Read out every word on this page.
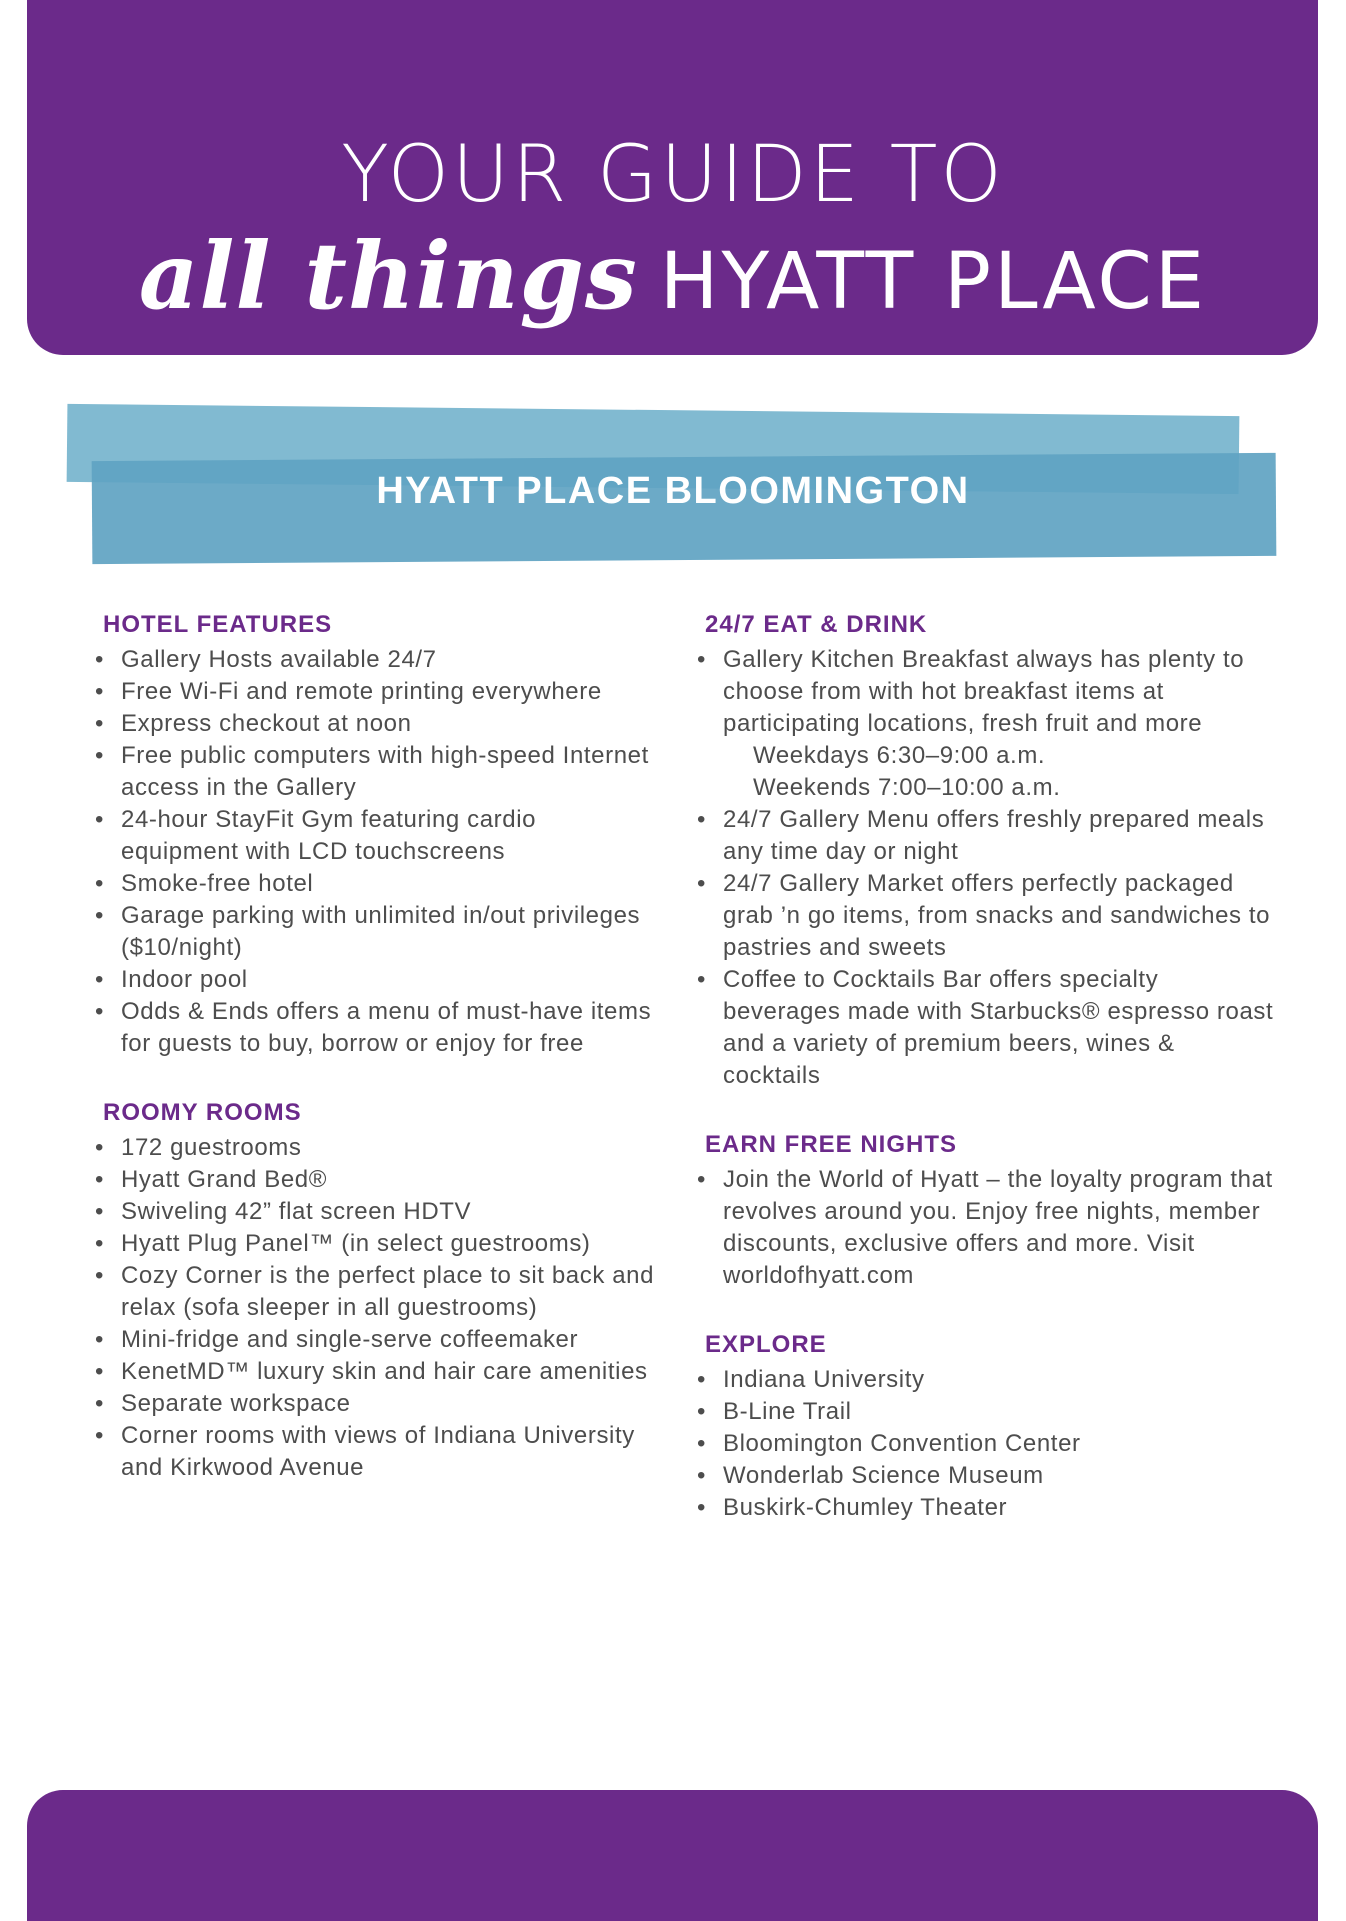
YOUR GUIDE TO
all things HYATT PLACE
HYATT PLACE BLOOMINGTON
HOTEL FEATURES
• Gallery Hosts available 24/7
• Free Wi-Fi and remote printing everywhere
• Express checkout at noon
• Free public computers with high-speed Internet access in the Gallery
• 24-hour StayFit Gym featuring cardio equipment with LCD touchscreens
• Smoke-free hotel
• Garage parking with unlimited in/out privileges ($10/night)
• Indoor pool
• Odds & Ends offers a menu of must-have items for guests to buy, borrow or enjoy for free
ROOMY ROOMS
• 172 guestrooms
• Hyatt Grand Bed®
• Swiveling 42” flat screen HDTV
• Hyatt Plug Panel™ (in select guestrooms)
• Cozy Corner is the perfect place to sit back and relax (sofa sleeper in all guestrooms)
• Mini-fridge and single-serve coffeemaker
• KenetMD™ luxury skin and hair care amenities
• Separate workspace
• Corner rooms with views of Indiana University and Kirkwood Avenue
24/7 EAT & DRINK
• Gallery Kitchen Breakfast always has plenty to choose from with hot breakfast items at participating locations, fresh fruit and more
Weekdays 6:30–9:00 a.m.
Weekends 7:00–10:00 a.m.
• 24/7 Gallery Menu offers freshly prepared meals any time day or night
• 24/7 Gallery Market offers perfectly packaged grab ’n go items, from snacks and sandwiches to pastries and sweets
• Coffee to Cocktails Bar offers specialty beverages made with Starbucks® espresso roast and a variety of premium beers, wines & cocktails
EARN FREE NIGHTS
• Join the World of Hyatt – the loyalty program that revolves around you. Enjoy free nights, member discounts, exclusive offers and more. Visit worldofhyatt.com
EXPLORE
• Indiana University
• B-Line Trail
• Bloomington Convention Center
• Wonderlab Science Museum
• Buskirk-Chumley Theater
